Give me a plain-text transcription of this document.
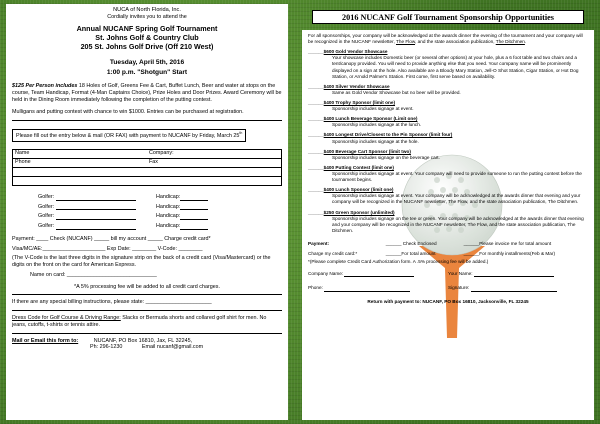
NUCA of North Florida, Inc.
Cordially invites you to attend the
Annual NUCANF Spring Golf Tournament
St. Johns Golf & Country Club
205 St. Johns Golf Drive (Off 210 West)
Tuesday, April 5th, 2016
1:00 p.m. "Shotgun" Start
$125 Per Person includes 18 Holes of Golf, Greens Fee & Cart, Buffet Lunch, Beer and water at stops on the course, Team Handicap, Format (4-Man Captains Choice), Prize Holes and Door Prizes. Award Ceremony will be held in the Dining Room immediately following the completion of the putting contest.
Mulligans and putting contest with chance to win $1000. Entries can be purchased at registration.
Please fill out the entry below & mail (OR FAX) with payment to NUCANF by Friday, March 25th
Name	Company:
Phone	Fax
Golfer:	Handicap:
Golfer:	Handicap:
Golfer:	Handicap:
Golfer:	Handicap:
Payment: ____ Check (NUCANF) _____ bill my account _____ Charge credit card*
Visa/MC/AE:_____________________ Exp Date: ________ V-Code: ________
(The V-Code is the last three digits in the signature strip on the back of a credit card (Visa/Mastercard) or the digits on the front on the card for American Express.
Name on card: ______________________________
*A 5% processing fee will be added to all credit card charges.
If there are any special billing instructions, please state: ______________________
Dress Code for Golf Course & Driving Range: Slacks or Bermuda shorts and collared golf shirt for men. No jeans, cutoffs, t-shirts or tennis attire.
Mail or Email this form to:	NUCANF, PO Box 16810, Jax, FL 32245,
Ph: 296-1230	Email nucanf@gmail.com
2016 NUCANF Golf Tournament Sponsorship Opportunities
For all sponsorships, your company will be acknowledged at the awards dinner the evening of the tournament and your company will be recognized in the NUCANF newsletter, The Flow, and the state association publication, The Ditchmen.
______$600 Gold Vendor Showcase
Your showcase includes Domestic beer (or several other options) at your hole, plus a 6 foot table and two chairs and a tent/canopy provided. You will need to provide anything else that you need. Your company name will be prominently displayed on a sign at the hole. Also available are a Bloody Mary Station, Jell-O Shot Station, Cigar Station, or Hot Dog Station, or Arnold Palmer's Station. First come, first serve based on availability.
______$400 Silver Vendor Showcase
Same as Gold Vendor Showcase but no beer will be provided.
______$400 Trophy Sponsor (limit one)
Sponsorship includes signage at event.
______$400 Lunch Beverage Sponsor (Limit one)
Sponsorship includes signage at the lunch.
______$400 Longest Drive/Closest to the Pin Sponsor (limit four)
Sponsorship includes signage at the hole.
______$400 Beverage Cart Sponsor (limit two)
Sponsorship includes signage on the beverage cart.
______$400 Putting Contest (limit one)
Sponsorship includes signage at event. Your company will need to provide someone to run the putting contest before the tournament begins.
______$400 Lunch Sponsor (limit one)
Sponsorship includes signage at event. Your company will be acknowledged at the awards dinner that evening and your company will be recognized in the NUCANF newsletter, The Flow, and the state association publication, The Ditchmen.
______$250 Green Sponsor (unlimited)
Sponsorship includes signage on the tee or green. Your company will be acknowledged at the awards dinner that evening and your company will be recognized in the NUCANF newsletter, The Flow, and the state association publication, The Ditchmen.
Payment:	______ Check Enclosed	______Please invoice me for total amount
Charge my credit card:*	______For total amount	______For monthly installments(Feb & Mar)
*(Please complete Credit Card Authorization form. A .5% processing fee will be added.)
Company Name:	Your Name:
Phone:	Signature:
Return with payment to: NUCANF, PO Box 16810, Jacksonville, FL 32245
